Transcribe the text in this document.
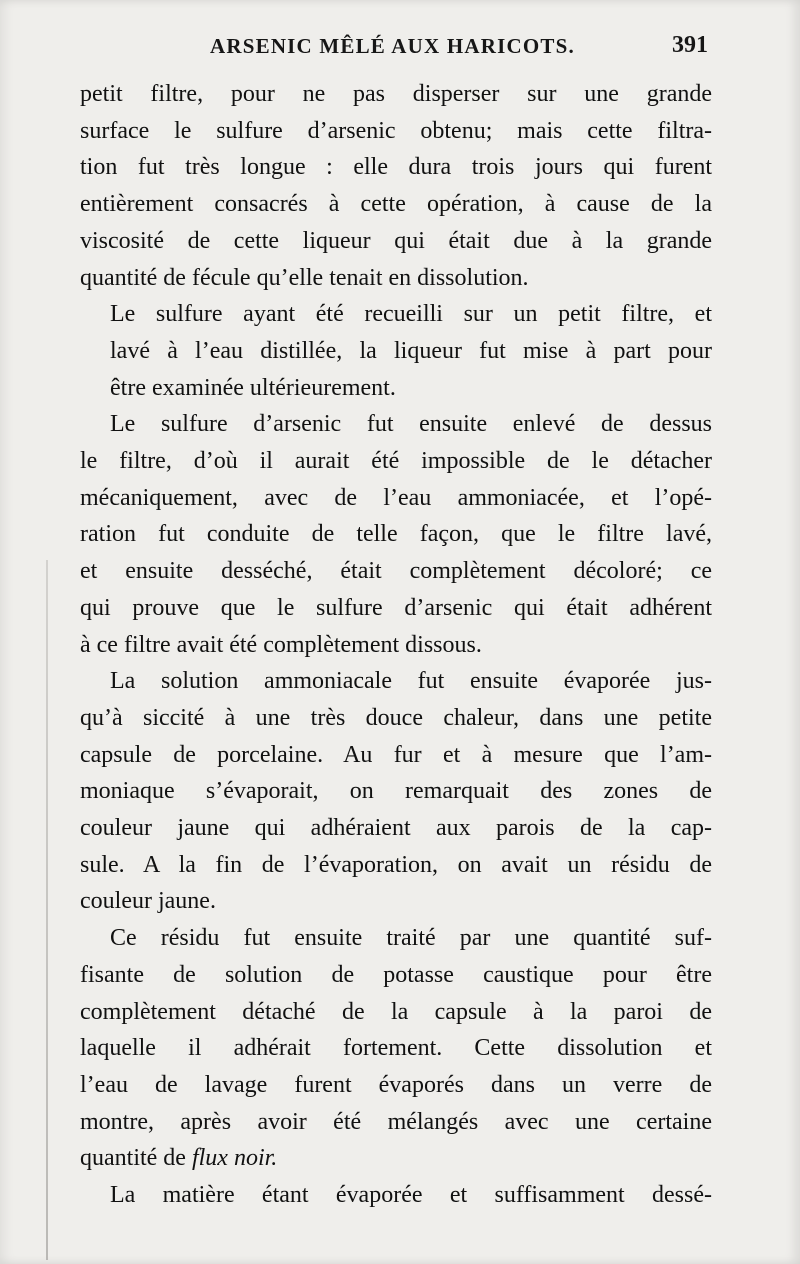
ARSENIC MÊLÉ AUX HARICOTS.	391

petit filtre, pour ne pas disperser sur une grande
surface le sulfure d’arsenic obtenu; mais cette filtra-
tion fut très longue : elle dura trois jours qui furent
entièrement consacrés à cette opération, à cause de la
viscosité de cette liqueur qui était due à la grande
quantité de fécule qu’elle tenait en dissolution.

Le sulfure ayant été recueilli sur un petit filtre, et
lavé à l’eau distillée, la liqueur fut mise à part pour
être examinée ultérieurement.

Le sulfure d’arsenic fut ensuite enlevé de dessus
le filtre, d’où il aurait été impossible de le détacher
mécaniquement, avec de l’eau ammoniacée, et l’opé-
ration fut conduite de telle façon, que le filtre lavé,
et ensuite desséché, était complètement décoloré; ce
qui prouve que le sulfure d’arsenic qui était adhérent
à ce filtre avait été complètement dissous.

La solution ammoniacale fut ensuite évaporée jus-
qu’à siccité à une très douce chaleur, dans une petite
capsule de porcelaine. Au fur et à mesure que l’am-
moniaque s’évaporait, on remarquait des zones de
couleur jaune qui adhéraient aux parois de la cap-
sule. A la fin de l’évaporation, on avait un résidu de
couleur jaune.

Ce résidu fut ensuite traité par une quantité suf-
fisante de solution de potasse caustique pour être
complètement détaché de la capsule à la paroi de
laquelle il adhérait fortement. Cette dissolution et
l’eau de lavage furent évaporés dans un verre de
montre, après avoir été mélangés avec une certaine
quantité de flux noir.

La matière étant évaporée et suffisamment dessé-
